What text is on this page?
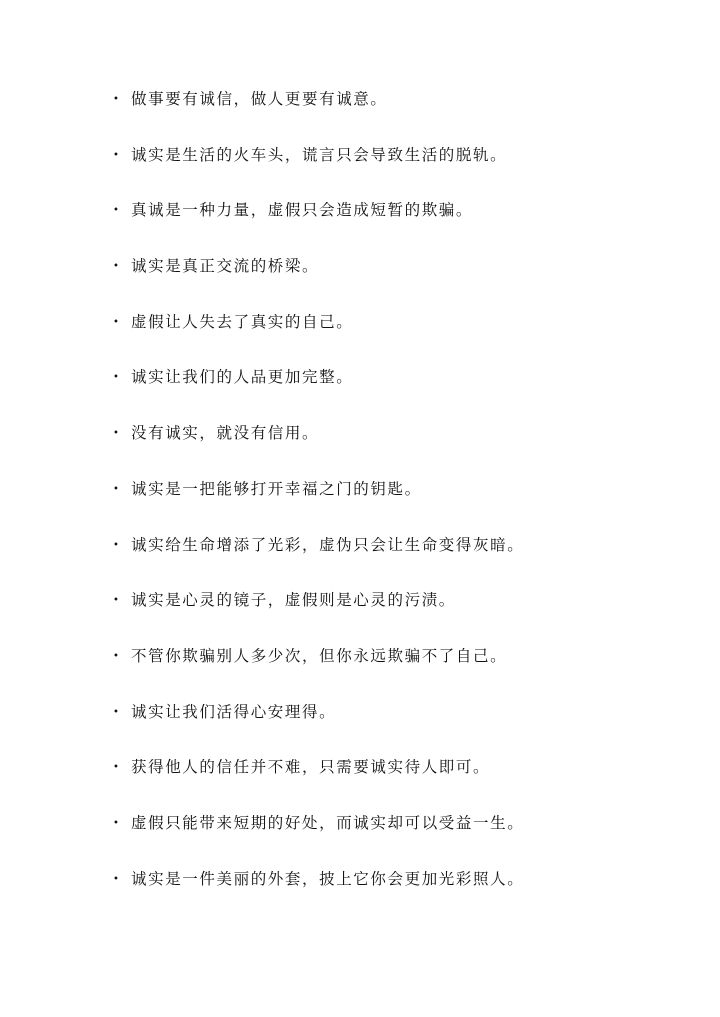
• 做事要有诚信，做人更要有诚意。
• 诚实是生活的火车头，谎言只会导致生活的脱轨。
• 真诚是一种力量，虚假只会造成短暂的欺骗。
• 诚实是真正交流的桥梁。
• 虚假让人失去了真实的自己。
• 诚实让我们的人品更加完整。
• 没有诚实，就没有信用。
• 诚实是一把能够打开幸福之门的钥匙。
• 诚实给生命增添了光彩，虚伪只会让生命变得灰暗。
• 诚实是心灵的镜子，虚假则是心灵的污渍。
• 不管你欺骗别人多少次，但你永远欺骗不了自己。
• 诚实让我们活得心安理得。
• 获得他人的信任并不难，只需要诚实待人即可。
• 虚假只能带来短期的好处，而诚实却可以受益一生。
• 诚实是一件美丽的外套，披上它你会更加光彩照人。
